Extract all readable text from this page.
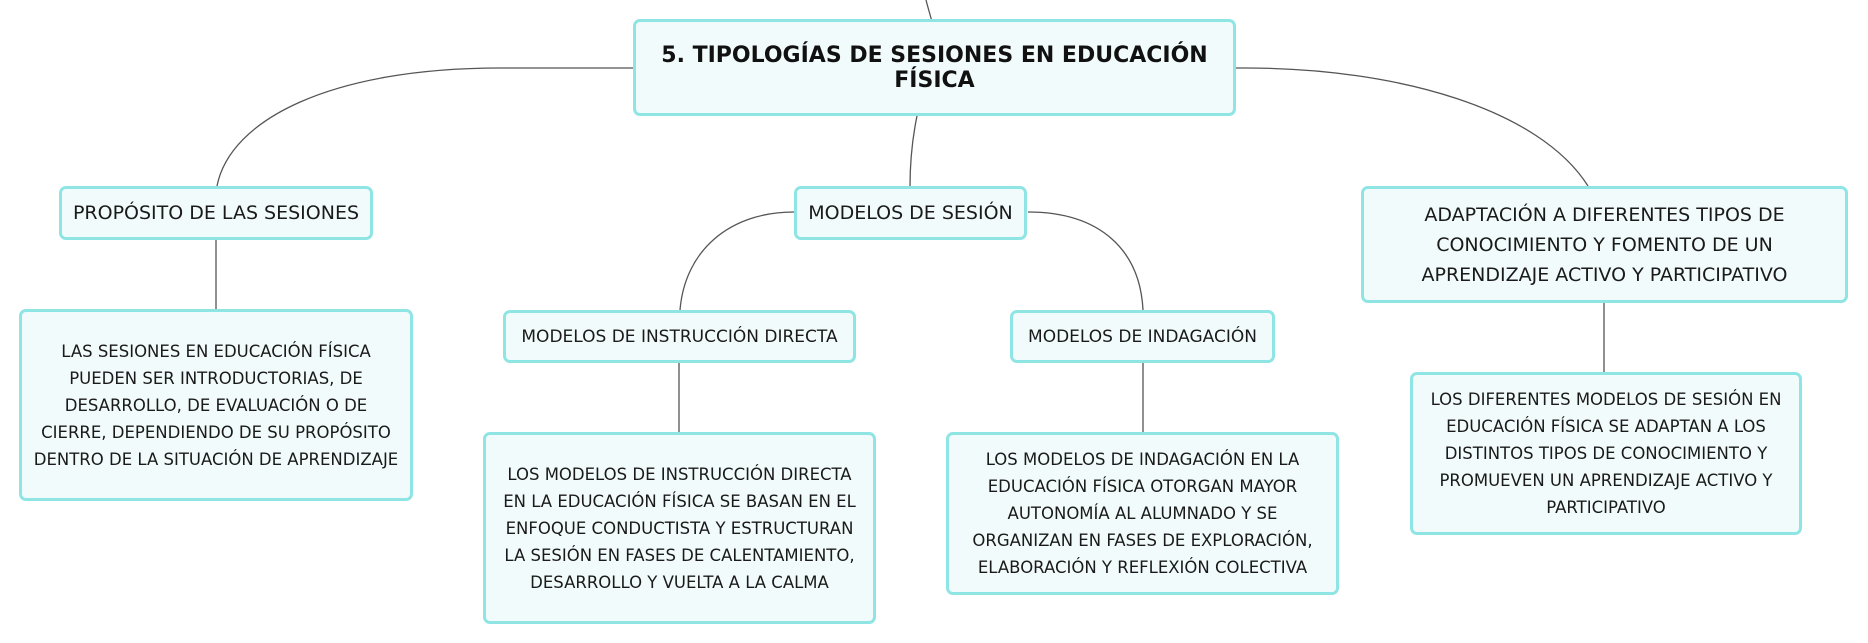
5. TIPOLOGÍAS DE SESIONES EN EDUCACIÓN FÍSICA
PROPÓSITO DE LAS SESIONES	MODELOS DE SESIÓN	ADAPTACIÓN A DIFERENTES TIPOS DE CONOCIMIENTO Y FOMENTO DE UN APRENDIZAJE ACTIVO Y PARTICIPATIVO
MODELOS DE INSTRUCCIÓN DIRECTA	MODELOS DE INDAGACIÓN
LAS SESIONES EN EDUCACIÓN FÍSICA PUEDEN SER INTRODUCTORIAS, DE DESARROLLO, DE EVALUACIÓN O DE CIERRE, DEPENDIENDO DE SU PROPÓSITO DENTRO DE LA SITUACIÓN DE APRENDIZAJE
LOS MODELOS DE INSTRUCCIÓN DIRECTA EN LA EDUCACIÓN FÍSICA SE BASAN EN EL ENFOQUE CONDUCTISTA Y ESTRUCTURAN LA SESIÓN EN FASES DE CALENTAMIENTO, DESARROLLO Y VUELTA A LA CALMA
LOS MODELOS DE INDAGACIÓN EN LA EDUCACIÓN FÍSICA OTORGAN MAYOR AUTONOMÍA AL ALUMNADO Y SE ORGANIZAN EN FASES DE EXPLORACIÓN, ELABORACIÓN Y REFLEXIÓN COLECTIVA
LOS DIFERENTES MODELOS DE SESIÓN EN EDUCACIÓN FÍSICA SE ADAPTAN A LOS DISTINTOS TIPOS DE CONOCIMIENTO Y PROMUEVEN UN APRENDIZAJE ACTIVO Y PARTICIPATIVO
